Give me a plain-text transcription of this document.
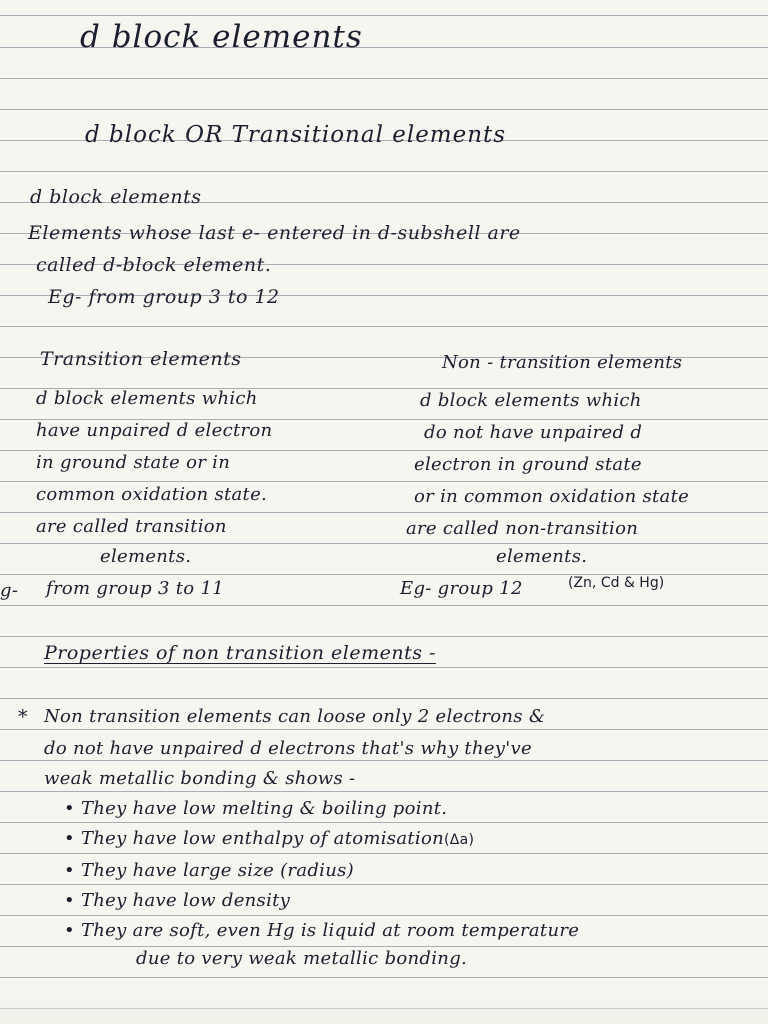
d block elements
d block OR Transitional elements
d block elements
Elements whose last e- entered in d-subshell are
called d-block element.
Eg- from group 3 to 12
Transition elements
d block elements which
have unpaired d electron
in ground state or in
common oxidation state.
are called transition
elements.
g- from group 3 to 11
Non - transition elements
d block elements which
do not have unpaired d
electron in ground state
or in common oxidation state
are called non-transition
elements.
Eg- group 12	(Zn, Cd & Hg)
Properties of non transition elements -
* Non transition elements can loose only 2 electrons &
do not have unpaired d electrons that's why they've
weak metallic bonding & shows -
• They have low melting & boiling point.
• They have low enthalpy of atomisation(Δa)
• They have large size (radius)
• They have low density
• They are soft, even Hg is liquid at room temperature
due to very weak metallic bonding.
